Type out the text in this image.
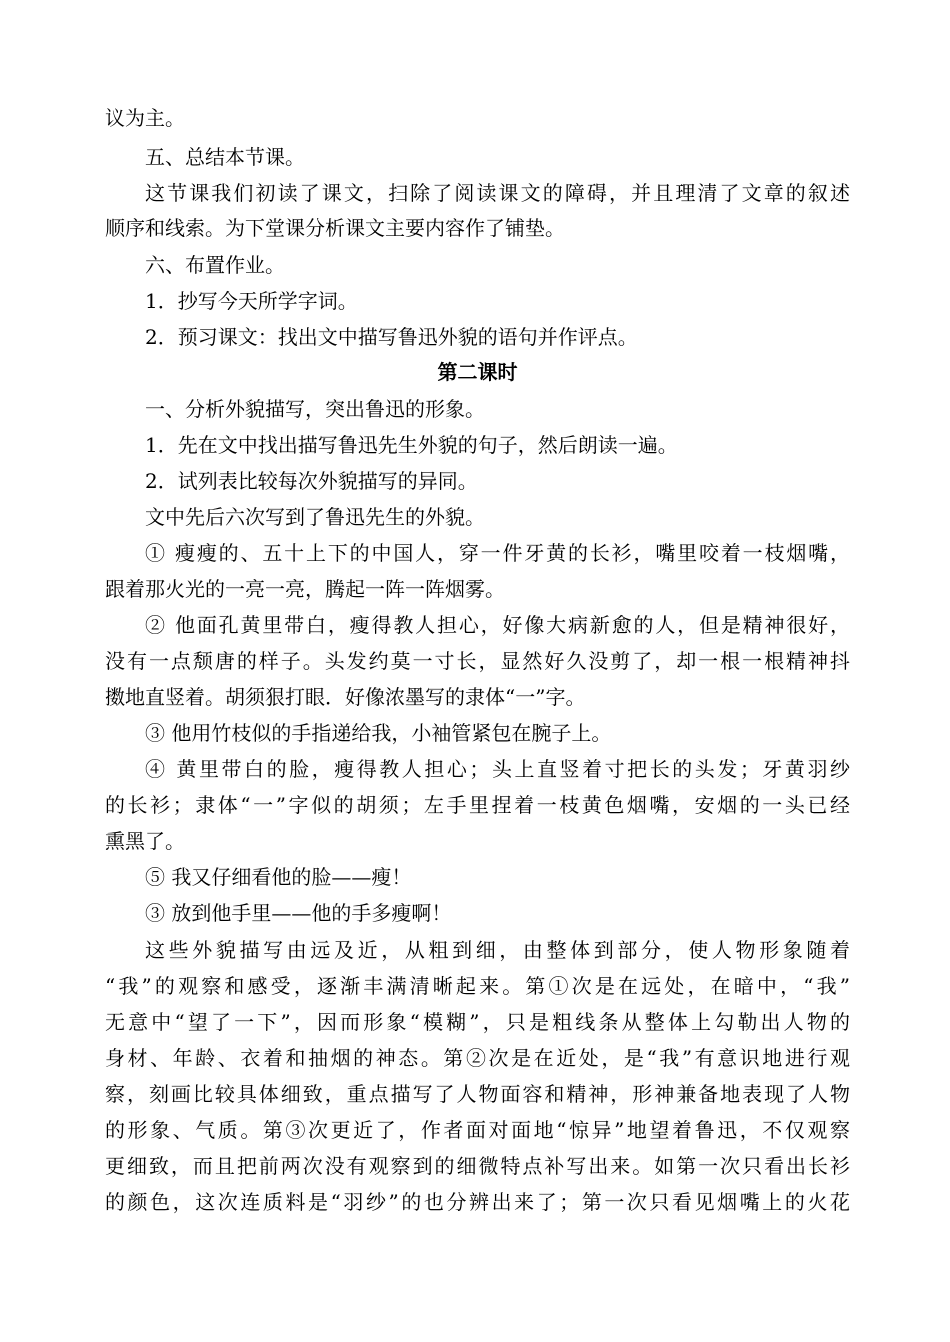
议为主。
五、总结本节课。
这节课我们初读了课文，扫除了阅读课文的障碍，并且理清了文章的叙述
顺序和线索。为下堂课分析课文主要内容作了铺垫。
六、布置作业。
1．抄写今天所学字词。
2．预习课文：找出文中描写鲁迅外貌的语句并作评点。
第二课时
一、分析外貌描写，突出鲁迅的形象。
1．先在文中找出描写鲁迅先生外貌的句子，然后朗读一遍。
2．试列表比较每次外貌描写的异同。
文中先后六次写到了鲁迅先生的外貌。
① 瘦瘦的、五十上下的中国人，穿一件牙黄的长衫，嘴里咬着一枝烟嘴，
跟着那火光的一亮一亮，腾起一阵一阵烟雾。
② 他面孔黄里带白，瘦得教人担心，好像大病新愈的人，但是精神很好，
没有一点颓唐的样子。头发约莫一寸长，显然好久没剪了，却一根一根精神抖
擞地直竖着。胡须狠打眼．好像浓墨写的隶体“一”字。
③ 他用竹枝似的手指递给我，小袖管紧包在腕子上。
④ 黄里带白的脸，瘦得教人担心；头上直竖着寸把长的头发；牙黄羽纱
的长衫；隶体“一”字似的胡须；左手里捏着一枝黄色烟嘴，安烟的一头已经
熏黑了。
⑤ 我又仔细看他的脸——瘦！
③ 放到他手里——他的手多瘦啊！
这些外貌描写由远及近，从粗到细，由整体到部分，使人物形象随着
“我”的观察和感受，逐渐丰满清晰起来。第①次是在远处，在暗中，“我”
无意中“望了一下”，因而形象“模糊”，只是粗线条从整体上勾勒出人物的
身材、年龄、衣着和抽烟的神态。第②次是在近处，是“我”有意识地进行观
察，刻画比较具体细致，重点描写了人物面容和精神，形神兼备地表现了人物
的形象、气质。第③次更近了，作者面对面地“惊异”地望着鲁迅，不仅观察
更细致，而且把前两次没有观察到的细微特点补写出来。如第一次只看出长衫
的颜色，这次连质料是“羽纱”的也分辨出来了；第一次只看见烟嘴上的火花
